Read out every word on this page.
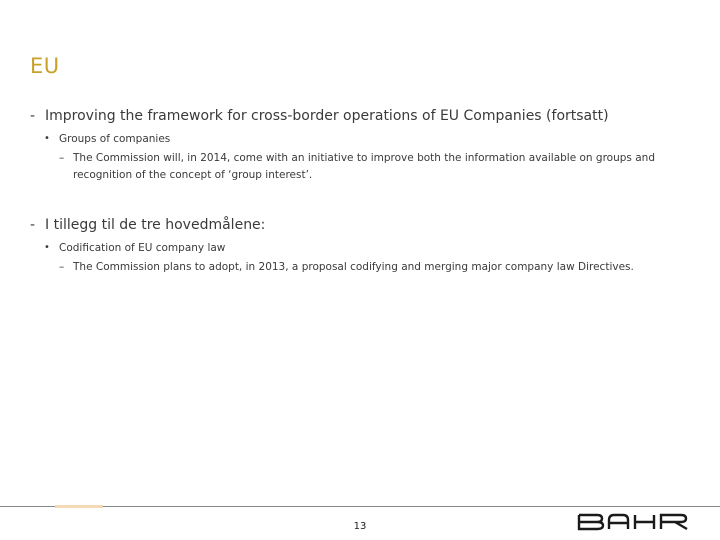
EU
- Improving the framework for cross-border operations of EU Companies (fortsatt)
• Groups of companies
– The Commission will, in 2014, come with an initiative to improve both the information available on groups and recognition of the concept of ‘group interest’.
- I tillegg til de tre hovedmålene:
• Codification of EU company law
– The Commission plans to adopt, in 2013, a proposal codifying and merging major company law Directives.
13
